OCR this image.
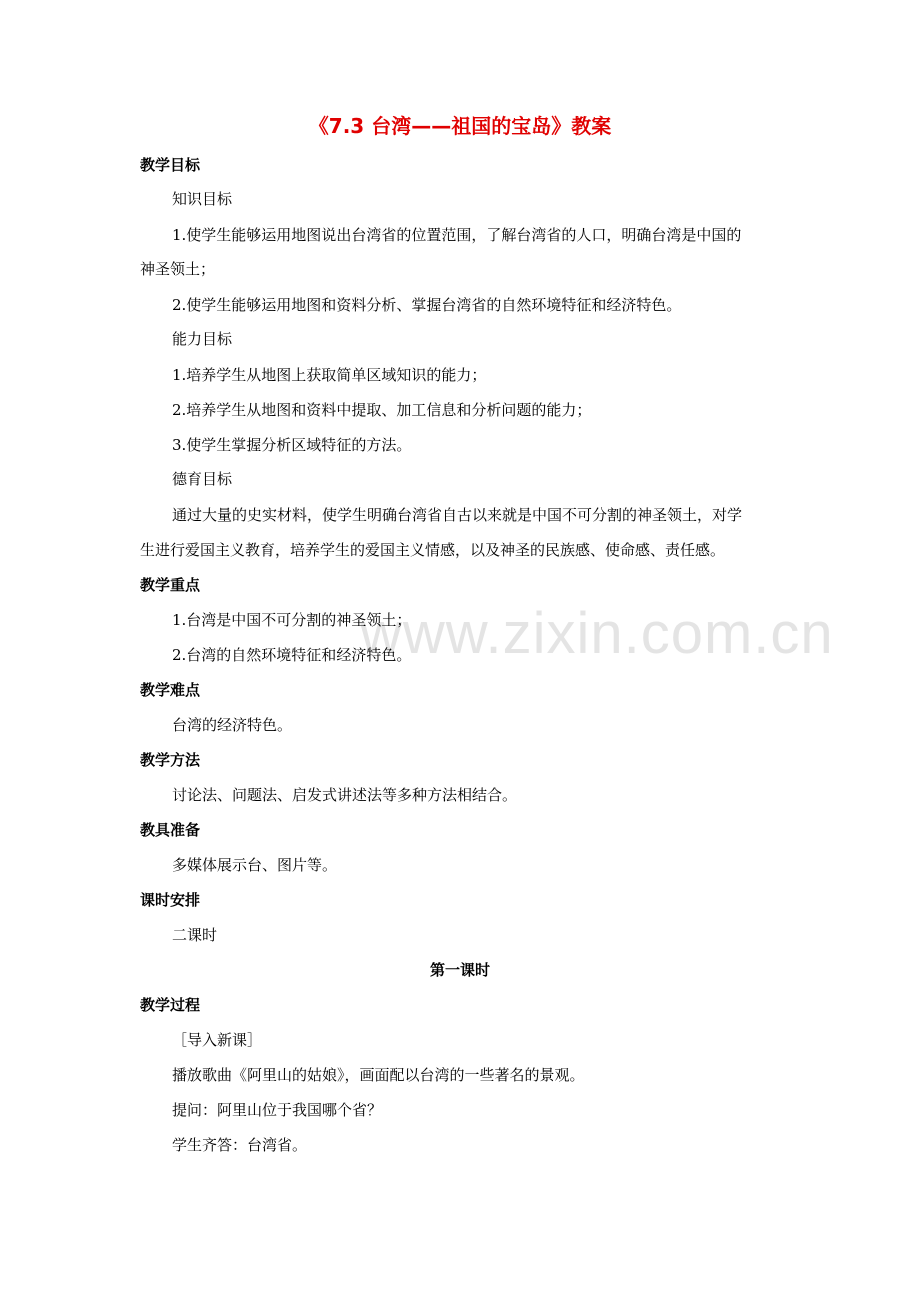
www.zixin.com.cn
《7.3 台湾——祖国的宝岛》教案
教学目标
知识目标
1.使学生能够运用地图说出台湾省的位置范围，了解台湾省的人口，明确台湾是中国的
神圣领土；
2.使学生能够运用地图和资料分析、掌握台湾省的自然环境特征和经济特色。
能力目标
1.培养学生从地图上获取简单区域知识的能力；
2.培养学生从地图和资料中提取、加工信息和分析问题的能力；
3.使学生掌握分析区域特征的方法。
德育目标
通过大量的史实材料，使学生明确台湾省自古以来就是中国不可分割的神圣领土，对学
生进行爱国主义教育，培养学生的爱国主义情感，以及神圣的民族感、使命感、责任感。
教学重点
1.台湾是中国不可分割的神圣领土；
2.台湾的自然环境特征和经济特色。
教学难点
台湾的经济特色。
教学方法
讨论法、问题法、启发式讲述法等多种方法相结合。
教具准备
多媒体展示台、图片等。
课时安排
二课时
第一课时
教学过程
［导入新课］
播放歌曲《阿里山的姑娘》，画面配以台湾的一些著名的景观。
提问：阿里山位于我国哪个省？
学生齐答：台湾省。
